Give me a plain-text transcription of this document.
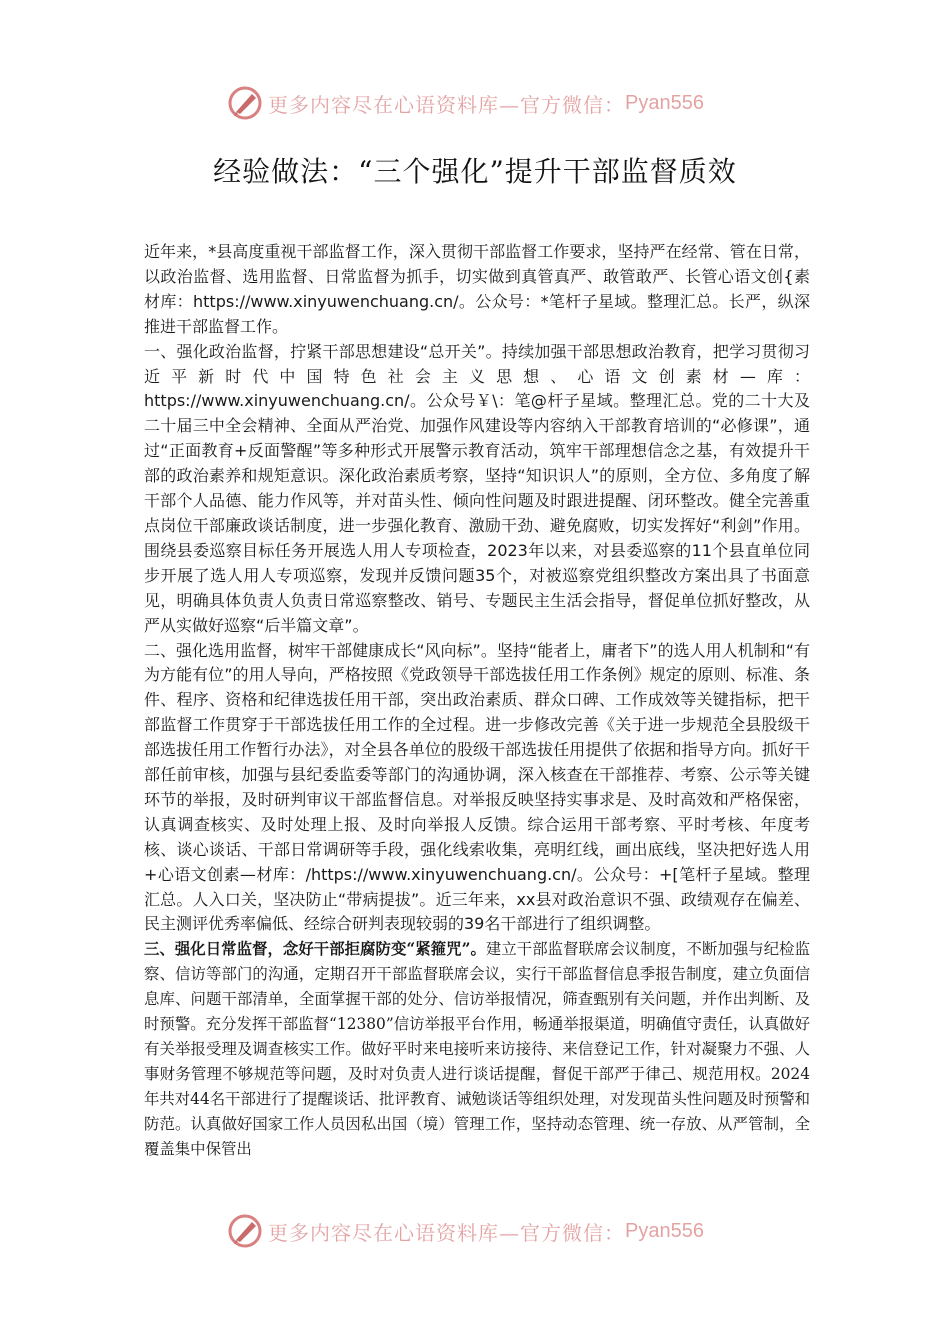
更多内容尽在心语资料库—官方微信： Pyan556
经验做法：“三个强化”提升干部监督质效

近年来，*县高度重视干部监督工作，深入贯彻干部监督工作要求，坚持严在经常、管在日常，以政治监督、选用监督、日常监督为抓手，切实做到真管真严、敢管敢严、长管心语文创{素材库：https://www.xinyuwenchuang.cn/。公众号：*笔杆子星域。整理汇总。长严，纵深推进干部监督工作。

一、强化政治监督，拧紧干部思想建设“总开关”。持续加强干部思想政治教育，把学习贯彻习近平新时代中国特色社会主义思想、心语文创素材—库：https://www.xinyuwenchuang.cn/。公众号￥\：笔@杆子星域。整理汇总。党的二十大及二十届三中全会精神、全面从严治党、加强作风建设等内容纳入干部教育培训的“必修课”，通过“正面教育+反面警醒”等多种形式开展警示教育活动，筑牢干部理想信念之基，有效提升干部的政治素养和规矩意识。深化政治素质考察，坚持“知识识人”的原则，全方位、多角度了解干部个人品德、能力作风等，并对苗头性、倾向性问题及时跟进提醒、闭环整改。健全完善重点岗位干部廉政谈话制度，进一步强化教育、激励干劲、避免腐败，切实发挥好“利剑”作用。围绕县委巡察目标任务开展选人用人专项检查，2023年以来，对县委巡察的11个县直单位同步开展了选人用人专项巡察，发现并反馈问题35个，对被巡察党组织整改方案出具了书面意见，明确具体负责人负责日常巡察整改、销号、专题民主生活会指导，督促单位抓好整改，从严从实做好巡察“后半篇文章”。

二、强化选用监督，树牢干部健康成长“风向标”。坚持“能者上，庸者下”的选人用人机制和“有为方能有位”的用人导向，严格按照《党政领导干部选拔任用工作条例》规定的原则、标准、条件、程序、资格和纪律选拔任用干部，突出政治素质、群众口碑、工作成效等关键指标，把干部监督工作贯穿于干部选拔任用工作的全过程。进一步修改完善《关于进一步规范全县股级干部选拔任用工作暂行办法》，对全县各单位的股级干部选拔任用提供了依据和指导方向。抓好干部任前审核，加强与县纪委监委等部门的沟通协调，深入核查在干部推荐、考察、公示等关键环节的举报，及时研判审议干部监督信息。对举报反映坚持实事求是、及时高效和严格保密，认真调查核实、及时处理上报、及时向举报人反馈。综合运用干部考察、平时考核、年度考核、谈心谈话、干部日常调研等手段，强化线索收集，亮明红线，画出底线，坚决把好选人用+心语文创素—材库：/https://www.xinyuwenchuang.cn/。公众号：+[笔杆子星域。整理汇总。人入口关，坚决防止“带病提拔”。近三年来，xx县对政治意识不强、政绩观存在偏差、民主测评优秀率偏低、经综合研判表现较弱的39名干部进行了组织调整。

三、强化日常监督，念好干部拒腐防变“紧箍咒”。建立干部监督联席会议制度，不断加强与纪检监察、信访等部门的沟通，定期召开干部监督联席会议，实行干部监督信息季报告制度，建立负面信息库、问题干部清单，全面掌握干部的处分、信访举报情况，筛查甄别有关问题，并作出判断、及时预警。充分发挥干部监督“12380”信访举报平台作用，畅通举报渠道，明确值守责任，认真做好有关举报受理及调查核实工作。做好平时来电接听来访接待、来信登记工作，针对凝聚力不强、人事财务管理不够规范等问题，及时对负责人进行谈话提醒，督促干部严于律己、规范用权。2024年共对44名干部进行了提醒谈话、批评教育、诫勉谈话等组织处理，对发现苗头性问题及时预警和防范。认真做好国家工作人员因私出国（境）管理工作，坚持动态管理、统一存放、从严管制，全覆盖集中保管出

更多内容尽在心语资料库—官方微信： Pyan556
